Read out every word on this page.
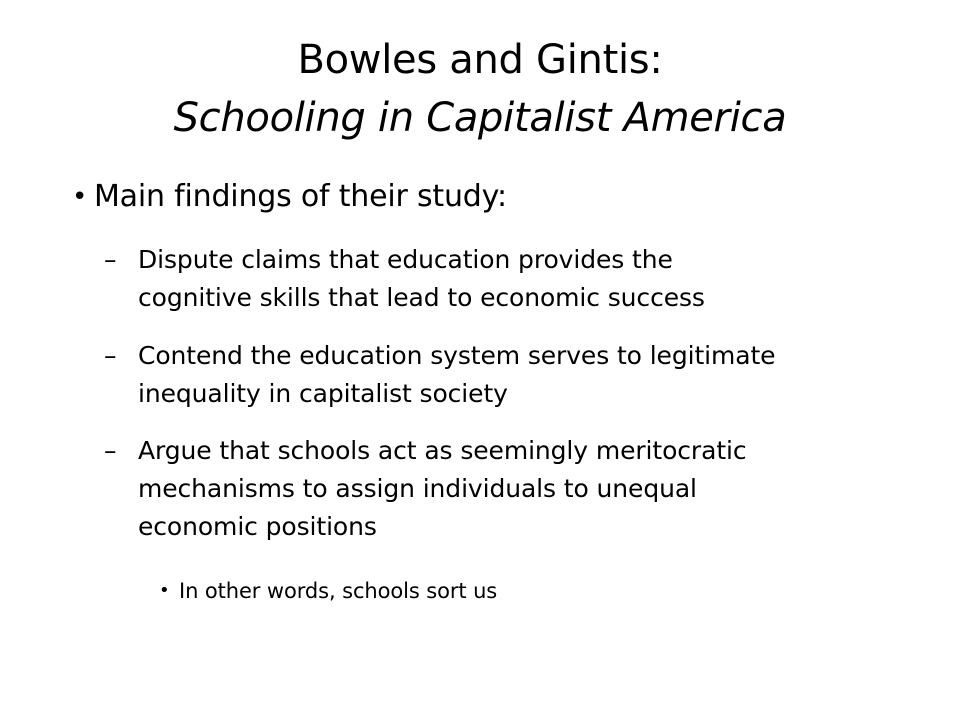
Bowles and Gintis:
Schooling in Capitalist America
• Main findings of their study:
– Dispute claims that education provides the
cognitive skills that lead to economic success
– Contend the education system serves to legitimate
inequality in capitalist society
– Argue that schools act as seemingly meritocratic
mechanisms to assign individuals to unequal
economic positions
• In other words, schools sort us
